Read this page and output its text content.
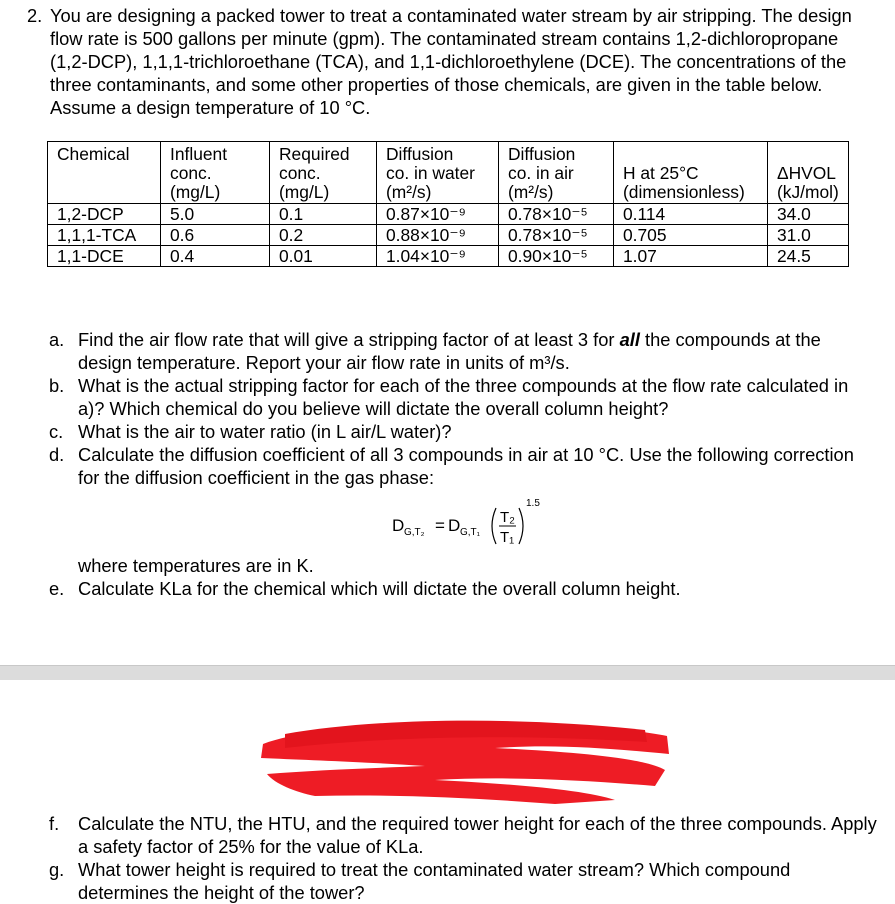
2. You are designing a packed tower to treat a contaminated water stream by air stripping. The design flow rate is 500 gallons per minute (gpm). The contaminated stream contains 1,2-dichloropropane (1,2-DCP), 1,1,1-trichloroethane (TCA), and 1,1-dichloroethylene (DCE). The concentrations of the three contaminants, and some other properties of those chemicals, are given in the table below. Assume a design temperature of 10 °C.
Chemical	Influent
conc.
(mg/L)	Required
conc.
(mg/L)	Diffusion
co. in water
(m²/s)	Diffusion
co. in air
(m²/s)	H at 25°C
(dimensionless)	ΔHVOL
(kJ/mol)

1,2-DCP	5.0	0.1	0.87×10⁻⁹	0.78×10⁻⁵	0.114	34.0
1,1,1-TCA	0.6	0.2	0.88×10⁻⁹	0.78×10⁻⁵	0.705	31.0
1,1-DCE	0.4	0.01	1.04×10⁻⁹	0.90×10⁻⁵	1.07	24.5
a. Find the air flow rate that will give a stripping factor of at least 3 for all the compounds at the design temperature. Report your air flow rate in units of m³/s.
b. What is the actual stripping factor for each of the three compounds at the flow rate calculated in a)? Which chemical do you believe will dictate the overall column height?
c. What is the air to water ratio (in L air/L water)?
d. Calculate the diffusion coefficient of all 3 compounds in air at 10 °C. Use the following correction for the diffusion coefficient in the gas phase:
D G,T₂ = D G,T₁
T₂
T₁
1.5
where temperatures are in K.
e. Calculate KLa for the chemical which will dictate the overall column height.
f. Calculate the NTU, the HTU, and the required tower height for each of the three compounds. Apply a safety factor of 25% for the value of KLa.
g. What tower height is required to treat the contaminated water stream? Which compound determines the height of the tower?
